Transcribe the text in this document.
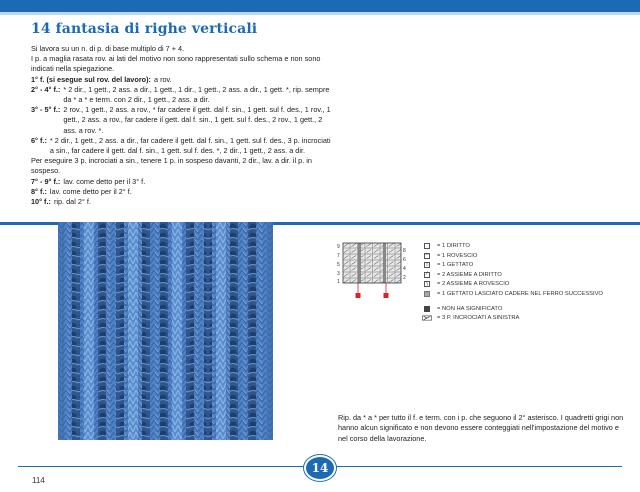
14 fantasia di righe verticali

Si lavora su un n. di p. di base multiplo di 7 + 4.

I p. a maglia rasata rov. ai lati del motivo non sono rappresentati sullo schema e non sono indicati nella spiegazione.

1° f. (si esegue sul rov. del lavoro): a rov.

2° - 4° f.: * 2 dir., 1 gett., 2 ass. a dir., 1 gett., 1 dir., 1 gett., 2 ass. a dir., 1 gett. *, rip. sempre da * a * e term. con 2 dir., 1 gett., 2 ass. a dir.
3° - 5° f.: 2 rov., 1 gett., 2 ass. a rov., * far cadere il gett. dal f. sin., 1 gett. sul f. des., 1 rov., 1 gett., 2 ass. a rov., far cadere il gett. dal f. sin., 1 gett. sul f. des., 2 rov., 1 gett., 2 ass. a rov. *.
6° f.: * 2 dir., 1 gett., 2 ass. a dir., far cadere il gett. dal f. sin., 1 gett. sul f. des., 3 p. incrociati a sin., far cadere il gett. dal f. sin., 1 gett. sul f. des. *, 2 dir., 1 gett., 2 ass. a dir.

Per eseguire 3 p. incrociati a sin., tenere 1 p. in sospeso davanti, 2 dir., lav. a dir. il p. in sospeso.

7° - 9° f.: lav. come detto per il 3° f.

8° f.: lav. come detto per il 2° f.

10° f.: rip. dal 2° f.

9
7
5
3
1
8
6
4
2
= 1 DIRITTO
– = 1 ROVESCIO
○ = 1 GETTATO
⁄	= 2 ASSIEME A DIRITTO
∖ = 2 ASSIEME A ROVESCIO
◦	= 1 GETTATO LASCIATO CADERE NEL FERRO SUCCESSIVO
= NON HA SIGNIFICATO
= 3 P. INCROCIATI A SINISTRA
Rip. da * a * per tutto il f. e term. con i p. che seguono il 2° asterisco. I quadretti grigi non hanno alcun significato e non devono essere conteggiati nell'impostazione del motivo e nel corso della lavorazione.
114
14
